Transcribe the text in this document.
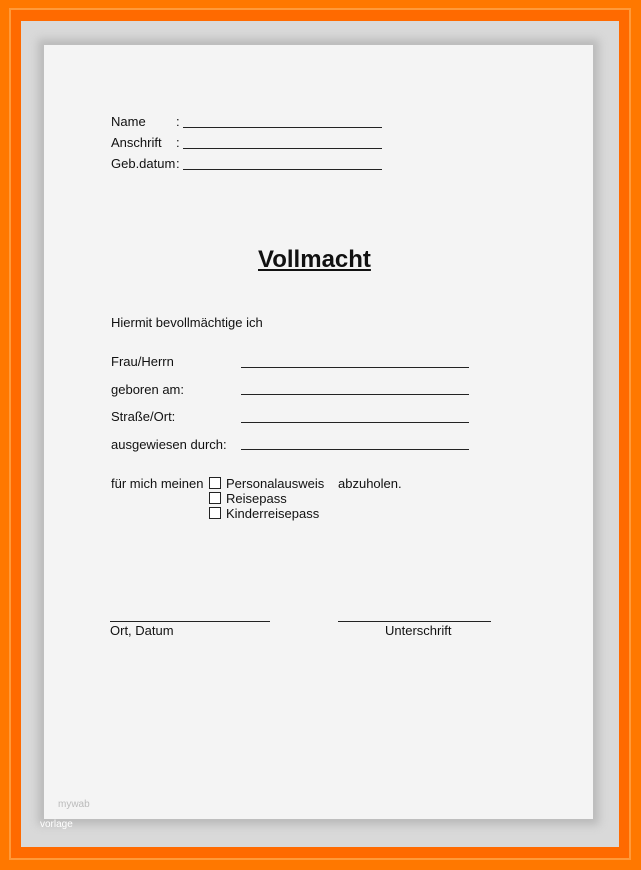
Name :
Anschrift :
Geb.datum :
Vollmacht
Hiermit bevollmächtige ich
Frau/Herrn
geboren am:
Straße/Ort:
ausgewiesen durch:
für mich meinen Personalausweis abzuholen.
Reisepass
Kinderreisepass
Ort, Datum	Unterschrift
mywab
vorlage
